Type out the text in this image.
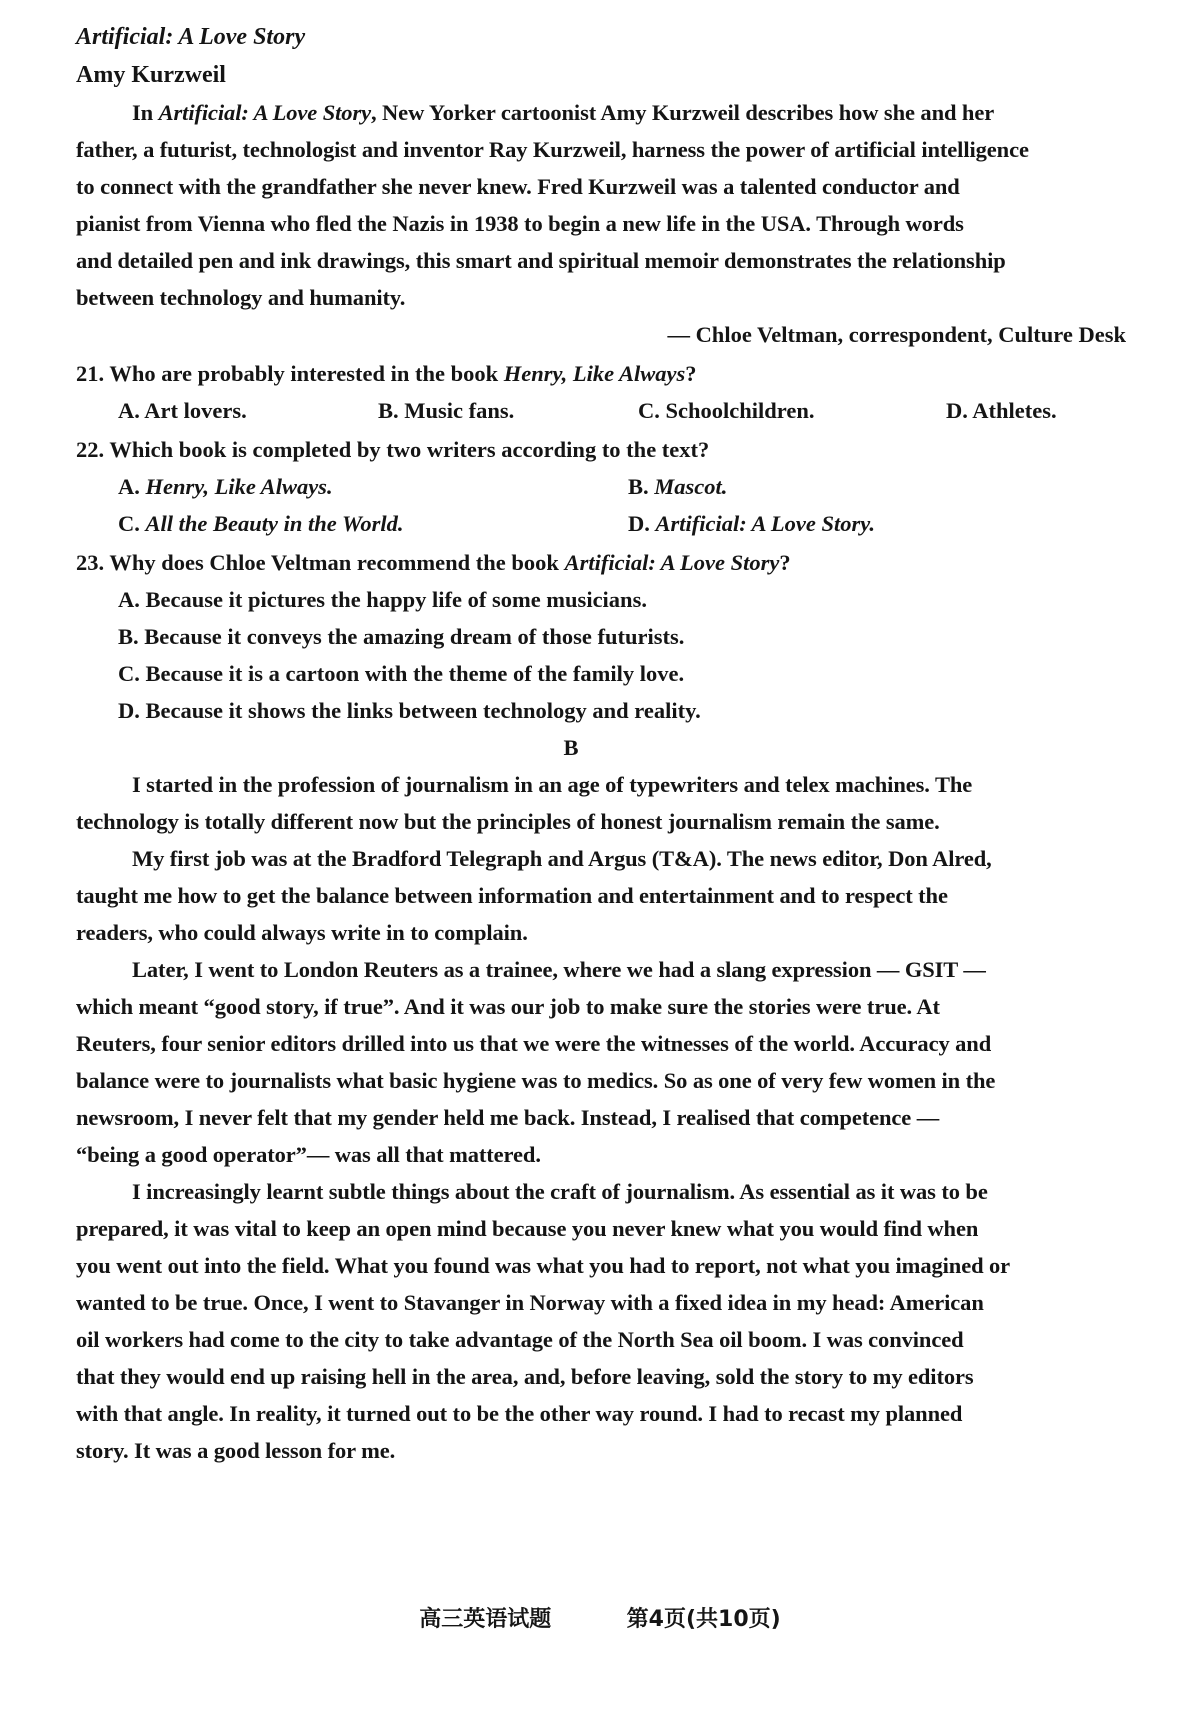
Artificial: A Love Story
Amy Kurzweil
In Artificial: A Love Story, New Yorker cartoonist Amy Kurzweil describes how she and her
father, a futurist, technologist and inventor Ray Kurzweil, harness the power of artificial intelligence
to connect with the grandfather she never knew. Fred Kurzweil was a talented conductor and
pianist from Vienna who fled the Nazis in 1938 to begin a new life in the USA. Through words
and detailed pen and ink drawings, this smart and spiritual memoir demonstrates the relationship
between technology and humanity.
— Chloe Veltman, correspondent, Culture Desk
21. Who are probably interested in the book Henry, Like Always?
A. Art lovers.	B. Music fans.	C. Schoolchildren.	D. Athletes.
22. Which book is completed by two writers according to the text?
A. Henry, Like Always.	B. Mascot.
C. All the Beauty in the World.	D. Artificial: A Love Story.
23. Why does Chloe Veltman recommend the book Artificial: A Love Story?
A. Because it pictures the happy life of some musicians.
B. Because it conveys the amazing dream of those futurists.
C. Because it is a cartoon with the theme of the family love.
D. Because it shows the links between technology and reality.
B
I started in the profession of journalism in an age of typewriters and telex machines. The
technology is totally different now but the principles of honest journalism remain the same.
My first job was at the Bradford Telegraph and Argus (T&A). The news editor, Don Alred,
taught me how to get the balance between information and entertainment and to respect the
readers, who could always write in to complain.
Later, I went to London Reuters as a trainee, where we had a slang expression — GSIT —
which meant “good story, if true”. And it was our job to make sure the stories were true. At
Reuters, four senior editors drilled into us that we were the witnesses of the world. Accuracy and
balance were to journalists what basic hygiene was to medics. So as one of very few women in the
newsroom, I never felt that my gender held me back. Instead, I realised that competence —
“being a good operator”— was all that mattered.
I increasingly learnt subtle things about the craft of journalism. As essential as it was to be
prepared, it was vital to keep an open mind because you never knew what you would find when
you went out into the field. What you found was what you had to report, not what you imagined or
wanted to be true. Once, I went to Stavanger in Norway with a fixed idea in my head: American
oil workers had come to the city to take advantage of the North Sea oil boom. I was convinced
that they would end up raising hell in the area, and, before leaving, sold the story to my editors
with that angle. In reality, it turned out to be the other way round. I had to recast my planned
story. It was a good lesson for me.
高三英语试题	第4页(共10页)
